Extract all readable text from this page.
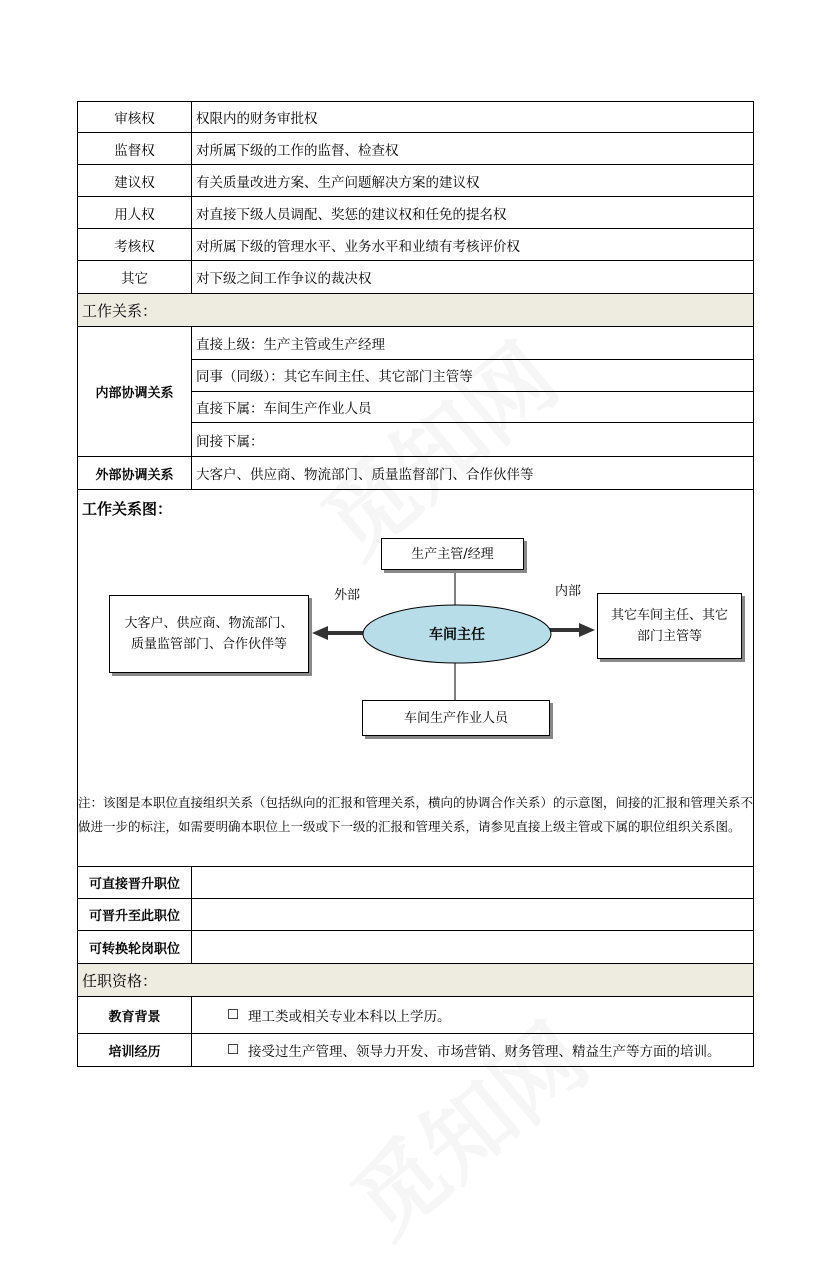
审核权	权限内的财务审批权
监督权	对所属下级的工作的监督、检查权
建议权	有关质量改进方案、生产问题解决方案的建议权
用人权	对直接下级人员调配、奖惩的建议权和任免的提名权
考核权	对所属下级的管理水平、业务水平和业绩有考核评价权
其它	对下级之间工作争议的裁决权
工作关系：
内部协调关系
直接上级：生产主管或生产经理
同事（同级）：其它车间主任、其它部门主管等
直接下属：车间生产作业人员
间接下属：
外部协调关系	大客户、供应商、物流部门、质量监督部门、合作伙伴等
工作关系图：
车间主任
生产主管/经理
车间生产作业人员
大客户、供应商、物流部门、质量监管部门、合作伙伴等
其它车间主任、其它部门主管等
外部	内部
注：该图是本职位直接组织关系（包括纵向的汇报和管理关系，横向的协调合作关系）的示意图，间接的汇报和管理关系不做进一步的标注，如需要明确本职位上一级或下一级的汇报和管理关系，请参见直接上级主管或下属的职位组织关系图。
可直接晋升职位
可晋升至此职位
可转换轮岗职位
任职资格：
教育背景	☐ 理工类或相关专业本科以上学历。
培训经历	☐ 接受过生产管理、领导力开发、市场营销、财务管理、精益生产等方面的培训。
